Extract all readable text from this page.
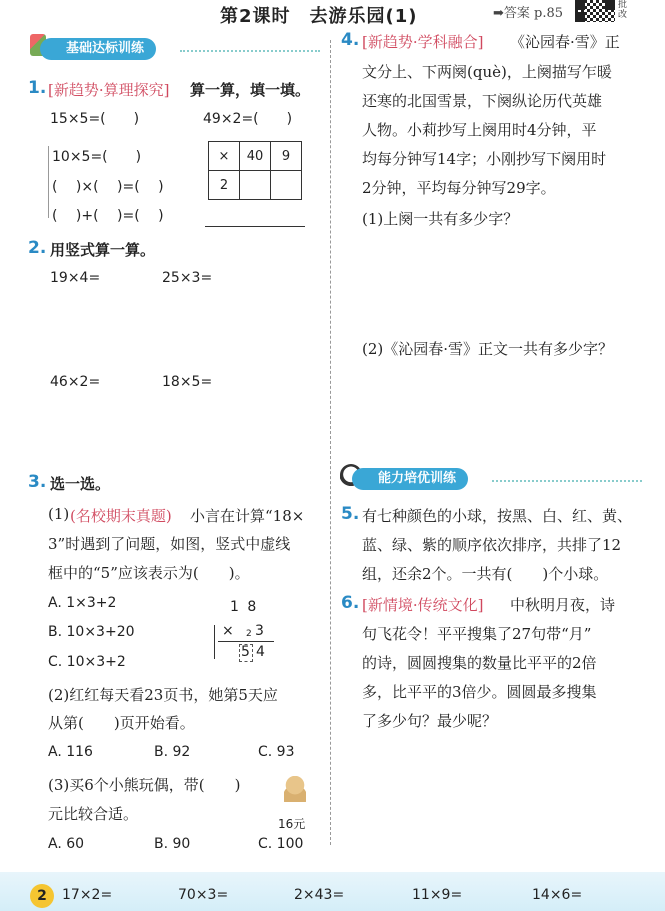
第2课时　去游乐园(1)	➡答案 p.85
批改
基础达标训练
1. [新趋势·算理探究] 算一算，填一填。
15×5=(　　)	49×2=(　　)
10×5=(　　)
(　 )×(　 )=(　 )
(　 )+(　 )=(　 )
×	40	9
2		
2. 用竖式算一算。
19×4=	25×3=
46×2=	18×5=
3. 选一选。
(1) (名校期末真题) 小言在计算“18×
3”时遇到了问题，如图，竖式中虚线
框中的“5”应该表示为(　　)。
A. 1×3+2
B. 10×3+20
C. 10×3+2
1 8
× 2 3
5 4
(2)红红每天看23页书，她第5天应
从第(　　)页开始看。
A. 116	B. 92	C. 93
(3)买6个小熊玩偶，带(　　)
元比较合适。
16元
A. 60	B. 90	C. 100
4. [新趋势·学科融合] 《沁园春·雪》正
文分上、下两阕(què)，上阕描写乍暖
还寒的北国雪景，下阕纵论历代英雄
人物。小莉抄写上阕用时4分钟，平
均每分钟写14字；小刚抄写下阕用时
2分钟，平均每分钟写29字。
(1)上阕一共有多少字？
(2)《沁园春·雪》正文一共有多少字？
能力培优训练
5. 有七种颜色的小球，按黑、白、红、黄、
蓝、绿、紫的顺序依次排序，共排了12
组，还余2个。一共有(　　)个小球。
6. [新情境·传统文化] 中秋明月夜，诗
句飞花令！平平搜集了27句带“月”
的诗，圆圆搜集的数量比平平的2倍
多，比平平的3倍少。圆圆最多搜集
了多少句？最少呢？
2	17×2=	70×3=	2×43=	11×9=	14×6=
